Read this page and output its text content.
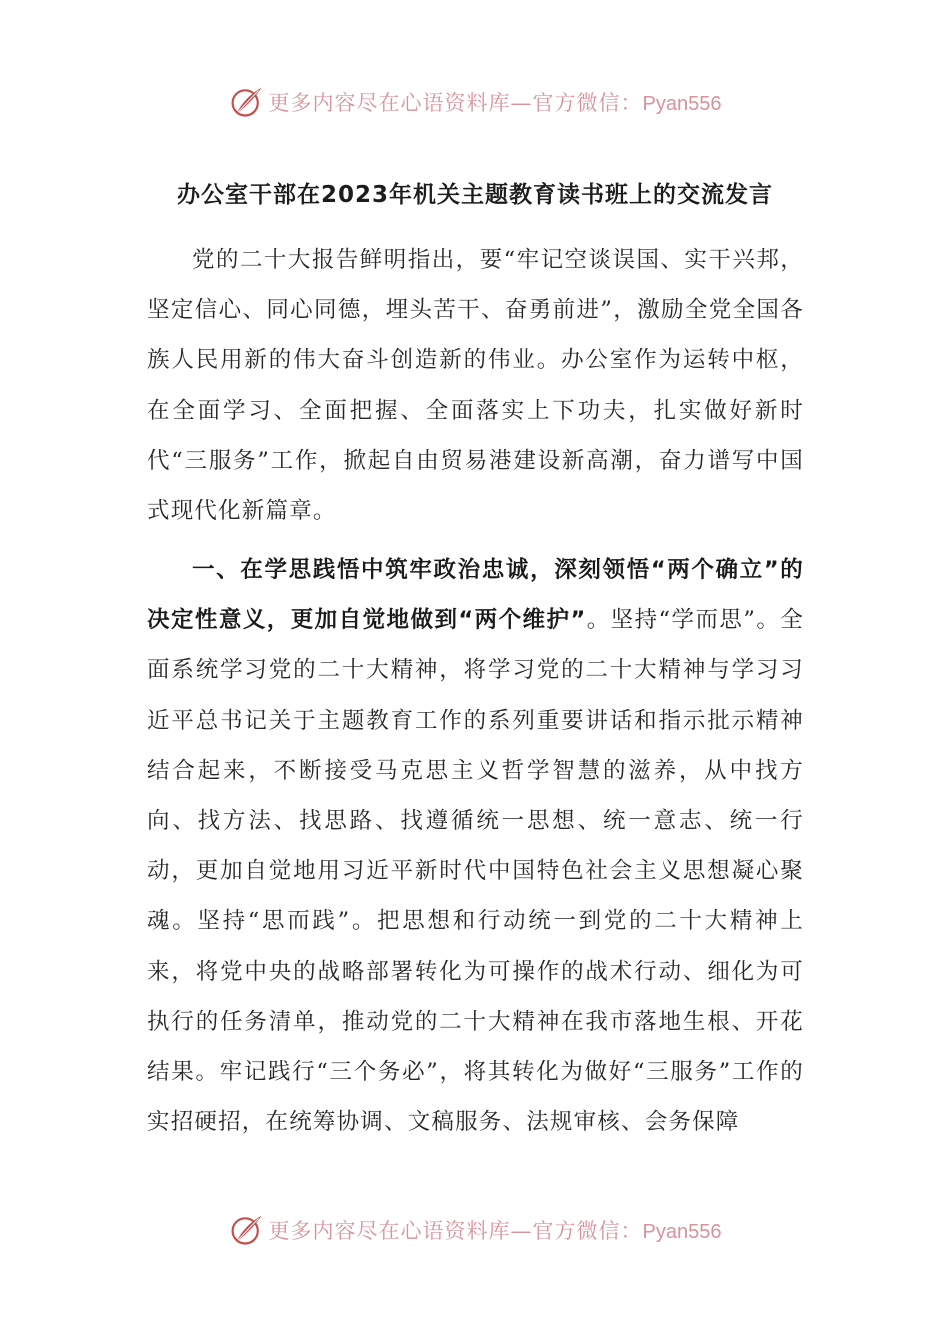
更多内容尽在心语资料库—官方微信：Pyan556
办公室干部在2023年机关主题教育读书班上的交流发言

党的二十大报告鲜明指出，要“牢记空谈误国、实干兴邦，坚定信心、同心同德，埋头苦干、奋勇前进”，激励全党全国各族人民用新的伟大奋斗创造新的伟业。办公室作为运转中枢，在全面学习、全面把握、全面落实上下功夫，扎实做好新时代“三服务”工作，掀起自由贸易港建设新高潮，奋力谱写中国式现代化新篇章。

一、在学思践悟中筑牢政治忠诚，深刻领悟“两个确立”的决定性意义，更加自觉地做到“两个维护”。坚持“学而思”。全面系统学习党的二十大精神，将学习党的二十大精神与学习习近平总书记关于主题教育工作的系列重要讲话和指示批示精神结合起来，不断接受马克思主义哲学智慧的滋养，从中找方向、找方法、找思路、找遵循统一思想、统一意志、统一行动，更加自觉地用习近平新时代中国特色社会主义思想凝心聚魂。坚持“思而践”。把思想和行动统一到党的二十大精神上来，将党中央的战略部署转化为可操作的战术行动、细化为可执行的任务清单，推动党的二十大精神在我市落地生根、开花结果。牢记践行“三个务必”，将其转化为做好“三服务”工作的实招硬招，在统筹协调、文稿服务、法规审核、会务保障

更多内容尽在心语资料库—官方微信：Pyan556
